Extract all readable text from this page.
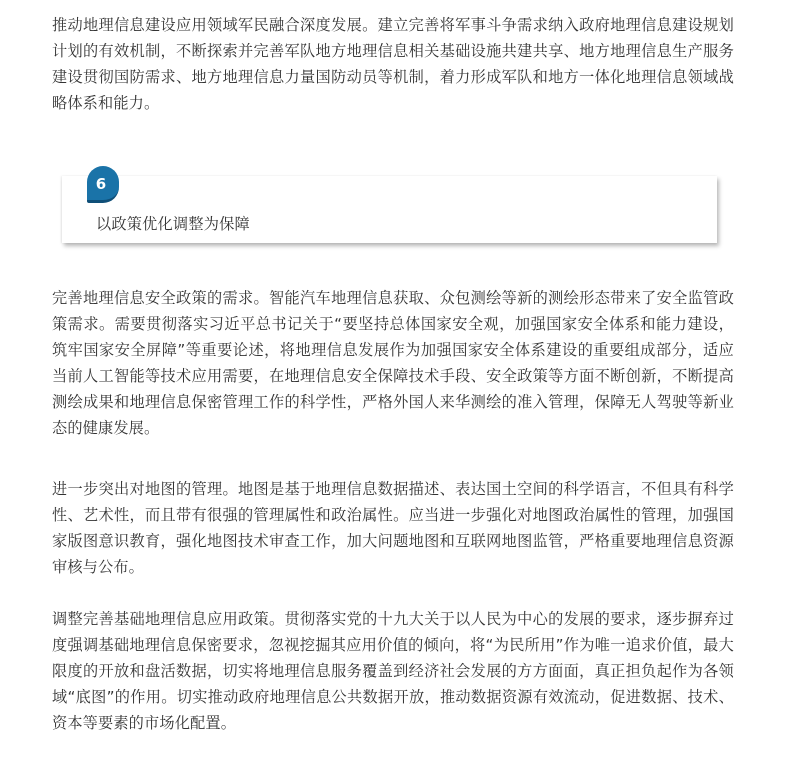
推动地理信息建设应用领域军民融合深度发展。建立完善将军事斗争需求纳入政府地理信息建设规划计划的有效机制，不断探索并完善军队地方地理信息相关基础设施共建共享、地方地理信息生产服务建设贯彻国防需求、地方地理信息力量国防动员等机制，着力形成军队和地方一体化地理信息领域战略体系和能力。

完善地理信息安全政策的需求。智能汽车地理信息获取、众包测绘等新的测绘形态带来了安全监管政策需求。需要贯彻落实习近平总书记关于“要坚持总体国家安全观，加强国家安全体系和能力建设，筑牢国家安全屏障”等重要论述，将地理信息发展作为加强国家安全体系建设的重要组成部分，适应当前人工智能等技术应用需要，在地理信息安全保障技术手段、安全政策等方面不断创新，不断提高测绘成果和地理信息保密管理工作的科学性，严格外国人来华测绘的准入管理，保障无人驾驶等新业态的健康发展。

进一步突出对地图的管理。地图是基于地理信息数据描述、表达国土空间的科学语言，不但具有科学性、艺术性，而且带有很强的管理属性和政治属性。应当进一步强化对地图政治属性的管理，加强国家版图意识教育，强化地图技术审查工作，加大问题地图和互联网地图监管，严格重要地理信息资源审核与公布。

调整完善基础地理信息应用政策。贯彻落实党的十九大关于以人民为中心的发展的要求，逐步摒弃过度强调基础地理信息保密要求，忽视挖掘其应用价值的倾向，将“为民所用”作为唯一追求价值，最大限度的开放和盘活数据，切实将地理信息服务覆盖到经济社会发展的方方面面，真正担负起作为各领域“底图”的作用。切实推动政府地理信息公共数据开放，推动数据资源有效流动，促进数据、技术、资本等要素的市场化配置。

6
以政策优化调整为保障
